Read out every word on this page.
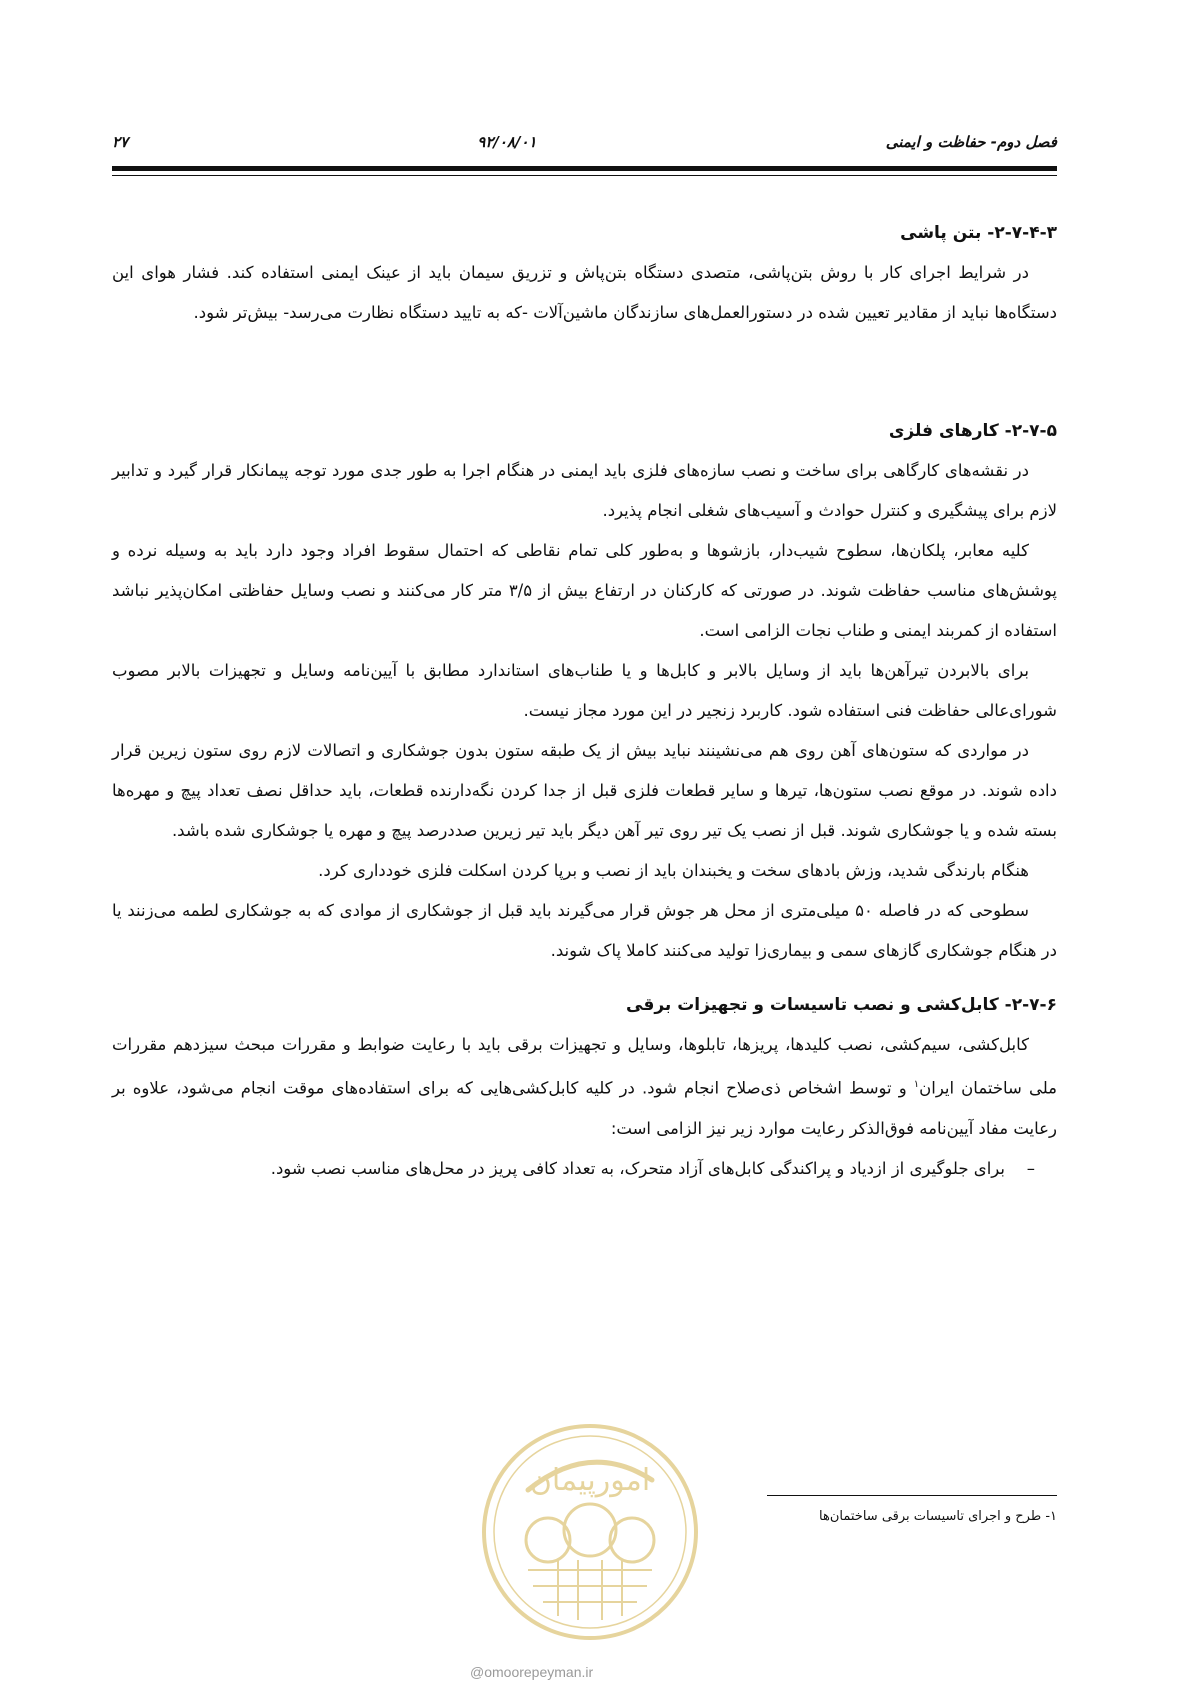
۲۷	۹۲/۰۸/۰۱	فصل دوم- حفاظت و ایمنی
۲-۷-۴-۳- بتن پاشی

در شرایط اجرای کار با روش بتن‌پاشی، متصدی دستگاه بتن‌پاش و تزریق سیمان باید از عینک ایمنی استفاده کند. فشار هوای این دستگاه‌ها نباید از مقادیر تعیین شده در دستورالعمل‌های سازندگان ماشین‌آلات -که به تایید دستگاه نظارت می‌رسد- بیش‌تر شود.

۲-۷-۵- کارهای فلزی

در نقشه‌های کارگاهی برای ساخت و نصب سازه‌های فلزی باید ایمنی در هنگام اجرا به طور جدی مورد توجه پیمانکار قرار گیرد و تدابیر لازم برای پیشگیری و کنترل حوادث و آسیب‌های شغلی انجام پذیرد.

کلیه معابر، پلکان‌ها، سطوح شیب‌دار، بازشوها و به‌طور کلی تمام نقاطی که احتمال سقوط افراد وجود دارد باید به وسیله نرده و پوشش‌های مناسب حفاظت شوند. در صورتی که کارکنان در ارتفاع بیش از ۳/۵ متر کار می‌کنند و نصب وسایل حفاظتی امکان‌پذیر نباشد استفاده از کمربند ایمنی و طناب نجات الزامی است.

برای بالابردن تیرآهن‌ها باید از وسایل بالابر و کابل‌ها و یا طناب‌های استاندارد مطابق با آیین‌نامه وسایل و تجهیزات بالابر مصوب شورای‌عالی حفاظت فنی استفاده شود. کاربرد زنجیر در این مورد مجاز نیست.

در مواردی که ستون‌های آهن روی هم می‌نشینند نباید بیش از یک طبقه ستون بدون جوشکاری و اتصالات لازم روی ستون زیرین قرار داده شوند. در موقع نصب ستون‌ها، تیرها و سایر قطعات فلزی قبل از جدا کردن نگه‌دارنده قطعات، باید حداقل نصف تعداد پیچ و مهره‌ها بسته شده و یا جوشکاری شوند. قبل از نصب یک تیر روی تیر آهن دیگر باید تیر زیرین صددرصد پیچ و مهره یا جوشکاری شده باشد.

هنگام بارندگی شدید، وزش بادهای سخت و یخبندان باید از نصب و برپا کردن اسکلت فلزی خودداری کرد.

سطوحی که در فاصله ۵۰ میلی‌متری از محل هر جوش قرار می‌گیرند باید قبل از جوشکاری از موادی که به جوشکاری لطمه می‌زنند یا در هنگام جوشکاری گازهای سمی و بیماری‌زا تولید می‌کنند کاملا پاک شوند.

۲-۷-۶- کابل‌کشی و نصب تاسیسات و تجهیزات برقی

کابل‌کشی، سیم‌کشی، نصب کلیدها، پریزها، تابلوها، وسایل و تجهیزات برقی باید با رعایت ضوابط و مقررات مبحث سیزدهم مقررات ملی ساختمان ایران$^۱$ و توسط اشخاص ذی‌صلاح انجام شود. در کلیه کابل‌کشی‌هایی که برای استفاده‌های موقت انجام می‌شود، علاوه بر رعایت مفاد آیین‌نامه فوق‌الذکر رعایت موارد زیر نیز الزامی است:

–
برای جلوگیری از ازدیاد و پراکندگی کابل‌های آزاد متحرک، به تعداد کافی پریز در محل‌های مناسب نصب شود.

امورپیمان
۱- طرح و اجرای تاسیسات برقی ساختمان‌ها
@omoorepeyman.ir
